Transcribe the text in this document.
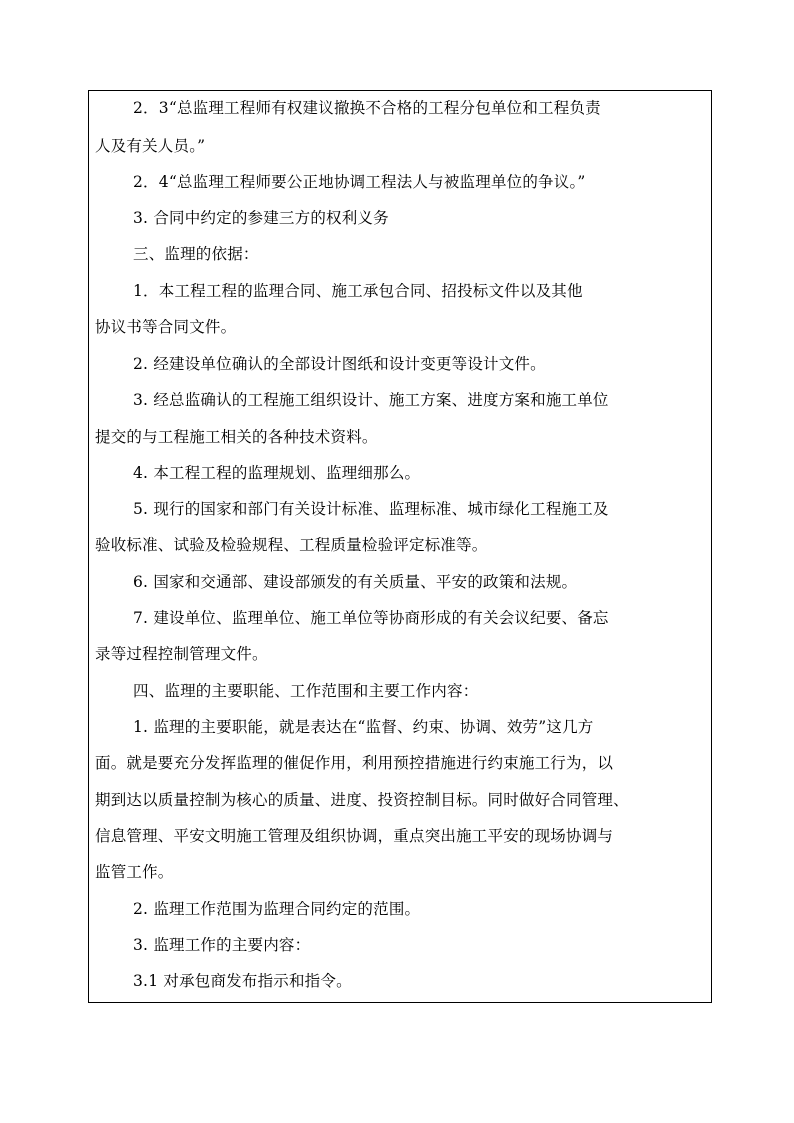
2．3“总监理工程师有权建议撤换不合格的工程分包单位和工程负责
人及有关人员。”
2．4“总监理工程师要公正地协调工程法人与被监理单位的争议。”
3. 合同中约定的参建三方的权利义务
三、监理的依据：
1．本工程工程的监理合同、施工承包合同、招投标文件以及其他
协议书等合同文件。
2. 经建设单位确认的全部设计图纸和设计变更等设计文件。
3. 经总监确认的工程施工组织设计、施工方案、进度方案和施工单位
提交的与工程施工相关的各种技术资料。
4. 本工程工程的监理规划、监理细那么。
5. 现行的国家和部门有关设计标准、监理标准、城市绿化工程施工及
验收标准、试验及检验规程、工程质量检验评定标准等。
6. 国家和交通部、建设部颁发的有关质量、平安的政策和法规。
7. 建设单位、监理单位、施工单位等协商形成的有关会议纪要、备忘
录等过程控制管理文件。
四、监理的主要职能、工作范围和主要工作内容：
1. 监理的主要职能，就是表达在“监督、约束、协调、效劳”这几方
面。就是要充分发挥监理的催促作用，利用预控措施进行约束施工行为，以
期到达以质量控制为核心的质量、进度、投资控制目标。同时做好合同管理、
信息管理、平安文明施工管理及组织协调，重点突出施工平安的现场协调与
监管工作。
2. 监理工作范围为监理合同约定的范围。
3. 监理工作的主要内容：
3.1 对承包商发布指示和指令。
